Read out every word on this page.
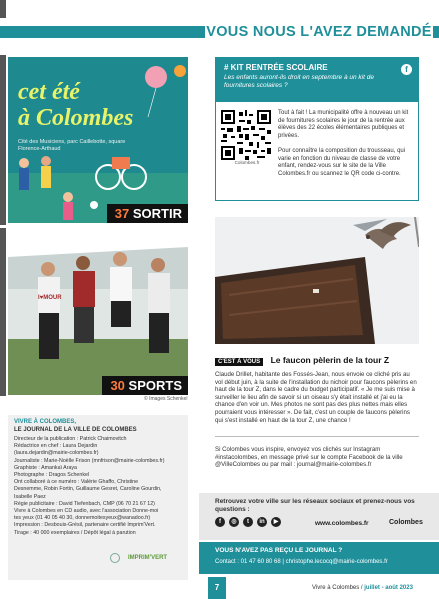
VOUS NOUS L'AVEZ DEMANDÉ
cet été
à Colombes
Cité des Musiciens, parc Caillebotte, square Florence-Arthaud
37 SORTIR
I♥MOUR
30 SPORTS
© Images Schenkel
VIVRE À COLOMBES,
LE JOURNAL DE LA VILLE DE COLOMBES
Directeur de la publication : Patrick Chaimovitch
Rédactrice en chef : Laura Dejardin
(laura.dejardin@mairie-colombes.fr)
Journaliste : Marie-Noëlle Frison (mnfrison@mairie-colombes.fr)
Graphiste : Amankaï Araya
Photographe : Dragos Schenkel
Ont collaboré à ce numéro : Valérie Ghaffo, Christine
Desnemme, Robin Fortin, Guillaume Gesret, Caroline Gourdin,
Isabelle Paez
Régie publicitaire : David Tiefenbach, CMP (06 70 21 67 12)
Vivre à Colombes en CD audio, avec l'association Donne-moi
tes yeux (01 40 05 40 30, donnemoitesyeux@wanadoo.fr)
Impression : Desbouis-Grésil, partenaire certifié Imprim'Vert.
Tirage : 40 000 exemplaires / Dépôt légal à parution
IMPRIM'VERT
# KIT RENTRÉE SCOLAIRE
Les enfants auront-ils droit en septembre à un kit de fournitures scolaires ?
f
Colombes.fr
Tout à fait ! La municipalité offre à nouveau un kit de fournitures scolaires le jour de la rentrée aux élèves des 22 écoles élémentaires publiques et privées.
Pour connaître la composition du trousseau, qui varie en fonction du niveau de classe de votre enfant, rendez-vous sur le site de la Ville Colombes.fr ou scannez le QR code ci-contre.
C'EST À VOUS Le faucon pèlerin de la tour Z
Claude Drillet, habitante des Fossés-Jean, nous envoie ce cliché pris au vol début juin, à la suite de l'installation du nichoir pour faucons pèlerins en haut de la tour Z, dans le cadre du budget participatif. « Je me suis mise à surveiller le lieu afin de savoir si un oiseau s'y était installé et j'ai eu la chance d'en voir un. Mes photos ne sont pas des plus nettes mais elles pourraient vous intéresser ». De fait, c'est un couple de faucons pèlerins qui s'est installé en haut de la tour Z, une chance !
Si Colombes vous inspire, envoyez vos clichés sur Instagram #instacolombes, en message privé sur le compte Facebook de la ville @VilleColombes ou par mail : journal@mairie-colombes.fr
Retrouvez votre ville sur les réseaux sociaux et prenez-nous vos questions :
f	◎	t	in	▶	www.colombes.fr	Colombes
VOUS N'AVEZ PAS REÇU LE JOURNAL ?
Contact : 01 47 60 80 68 | christophe.lecocq@mairie-colombes.fr
7	Vivre à Colombes / juillet - août 2023
